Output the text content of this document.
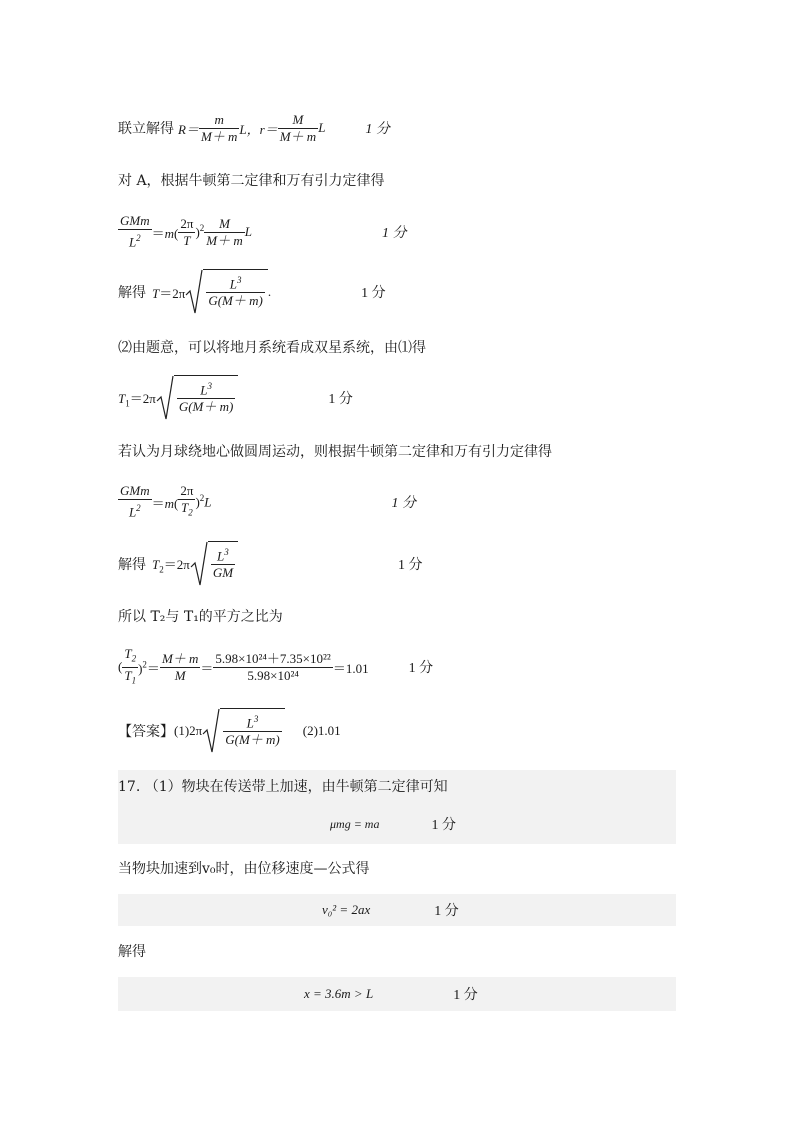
联立解得 $R= \frac{m}{M+ m}$ L，$r= \frac{M}{M+ m}$ L	1 分
对 A，根据牛顿第二定律和万有引力定律得
$\frac{\text{GMm}}{L^2} =m( \frac{2\pi}{T} )^2 \frac{M}{M+ m}$ L	1 分
解得 $T=2\pi \frac{L^3}{G(M+ m)}$ .	1 分
⑵由题意，可以将地月系统看成双星系统，由⑴得
$T_1=2\pi \frac{L^3}{G(M+ m)}$	1 分
若认为月球绕地心做圆周运动，则根据牛顿第二定律和万有引力定律得
$\frac{\text{GMm}}{L^2} =m( \frac{2\pi}{T_2} )^2L$	1 分
解得 $T_2=2\pi \frac{L^3}{GM}$	1 分
所以 T₂与 T₁的平方之比为
( $\frac{T_2}{T_1} )^2= \frac{M+ m}{M} = \frac{\text{5.98×10²⁴＋7.35×10²²}}{\text{5.98×10²⁴}} =1.01$	1 分
【答案】 $(1)2\pi \frac{L^3}{G(M+ m)} (2)1.01$
17. （1）物块在传送带上加速，由牛顿第二定律可知
μmg = ma	1 分
当物块加速到v₀时，由位移速度—公式得
v₀² = 2ax	1 分
解得
x = 3.6m > L	1 分
